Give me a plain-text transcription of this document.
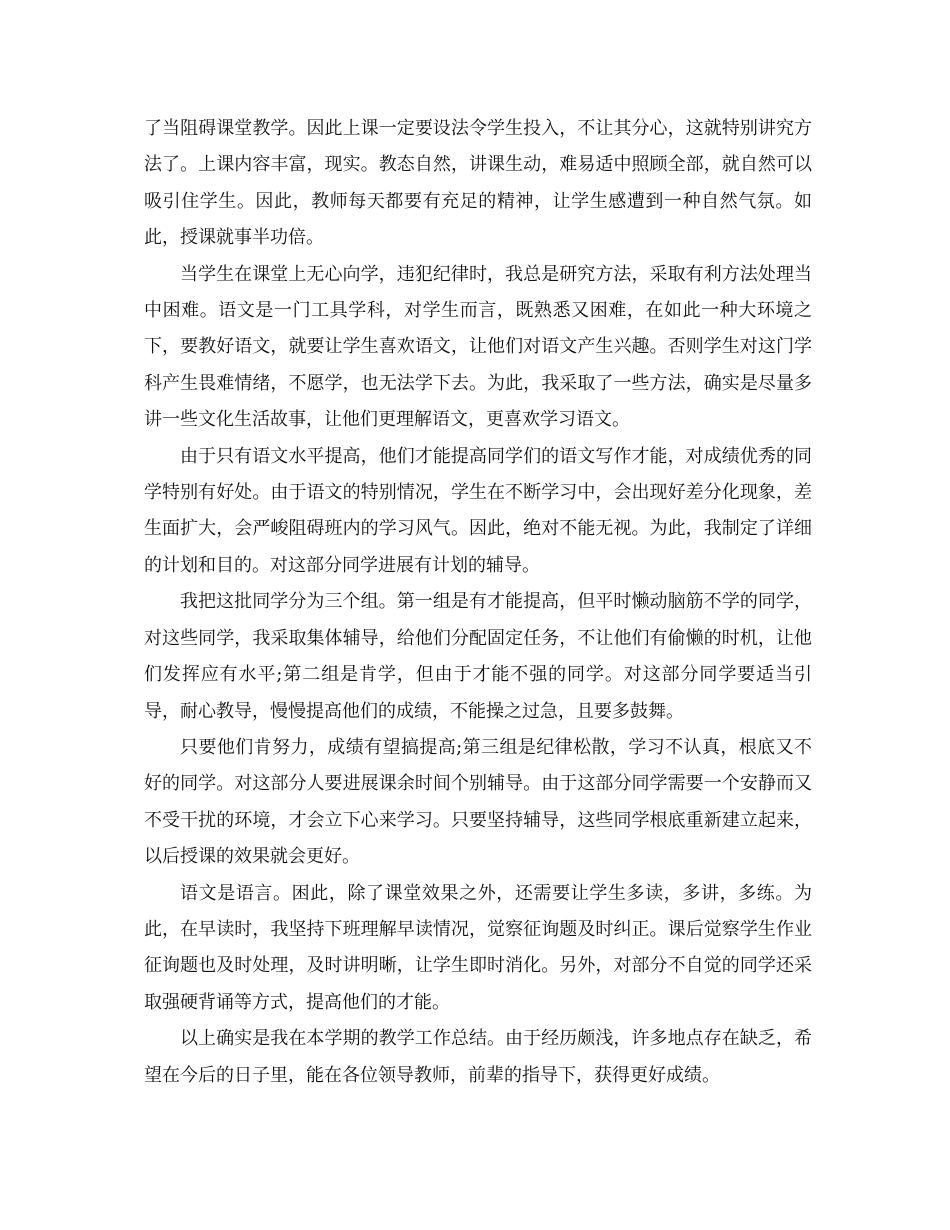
了当阻碍课堂教学。因此上课一定要设法令学生投入，不让其分心，这就特别讲究方法了。上课内容丰富，现实。教态自然，讲课生动，难易适中照顾全部，就自然可以吸引住学生。因此，教师每天都要有充足的精神，让学生感遭到一种自然气氛。如此，授课就事半功倍。

当学生在课堂上无心向学，违犯纪律时，我总是研究方法，采取有利方法处理当中困难。语文是一门工具学科，对学生而言，既熟悉又困难，在如此一种大环境之下，要教好语文，就要让学生喜欢语文，让他们对语文产生兴趣。否则学生对这门学科产生畏难情绪，不愿学，也无法学下去。为此，我采取了一些方法，确实是尽量多讲一些文化生活故事，让他们更理解语文，更喜欢学习语文。

由于只有语文水平提高，他们才能提高同学们的语文写作才能，对成绩优秀的同学特别有好处。由于语文的特别情况，学生在不断学习中，会出现好差分化现象，差生面扩大，会严峻阻碍班内的学习风气。因此，绝对不能无视。为此，我制定了详细的计划和目的。对这部分同学进展有计划的辅导。

我把这批同学分为三个组。第一组是有才能提高，但平时懒动脑筋不学的同学，对这些同学，我采取集体辅导，给他们分配固定任务，不让他们有偷懒的时机，让他们发挥应有水平;第二组是肯学，但由于才能不强的同学。对这部分同学要适当引导，耐心教导，慢慢提高他们的成绩，不能操之过急，且要多鼓舞。

只要他们肯努力，成绩有望搞提高;第三组是纪律松散，学习不认真，根底又不好的同学。对这部分人要进展课余时间个别辅导。由于这部分同学需要一个安静而又不受干扰的环境，才会立下心来学习。只要坚持辅导，这些同学根底重新建立起来，以后授课的效果就会更好。

语文是语言。困此，除了课堂效果之外，还需要让学生多读，多讲，多练。为此，在早读时，我坚持下班理解早读情况，觉察征询题及时纠正。课后觉察学生作业征询题也及时处理，及时讲明晰，让学生即时消化。另外，对部分不自觉的同学还采取强硬背诵等方式，提高他们的才能。

以上确实是我在本学期的教学工作总结。由于经历颇浅，许多地点存在缺乏，希望在今后的日子里，能在各位领导教师，前辈的指导下，获得更好成绩。
